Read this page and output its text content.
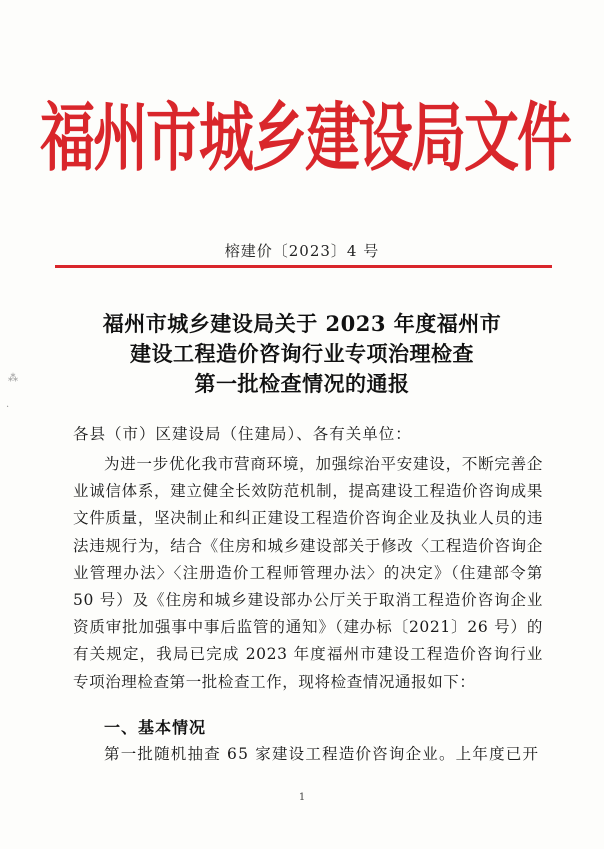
福州市城乡建设局文件
榕建价〔2023〕4 号
福州市城乡建设局关于 2023 年度福州市
建设工程造价咨询行业专项治理检查
第一批检查情况的通报
各县（市）区建设局（住建局）、各有关单位：
为进一步优化我市营商环境，加强综治平安建设，不断完善企业诚信体系，建立健全长效防范机制，提高建设工程造价咨询成果文件质量，坚决制止和纠正建设工程造价咨询企业及执业人员的违法违规行为，结合《住房和城乡建设部关于修改〈工程造价咨询企业管理办法〉〈注册造价工程师管理办法〉的决定》（住建部令第 50 号）及《住房和城乡建设部办公厅关于取消工程造价咨询企业资质审批加强事中事后监管的通知》（建办标〔2021〕26 号）的有关规定，我局已完成 2023 年度福州市建设工程造价咨询行业专项治理检查第一批检查工作，现将检查情况通报如下：
一、基本情况
第一批随机抽查 65 家建设工程造价咨询企业。上年度已开
1
⁂
·
